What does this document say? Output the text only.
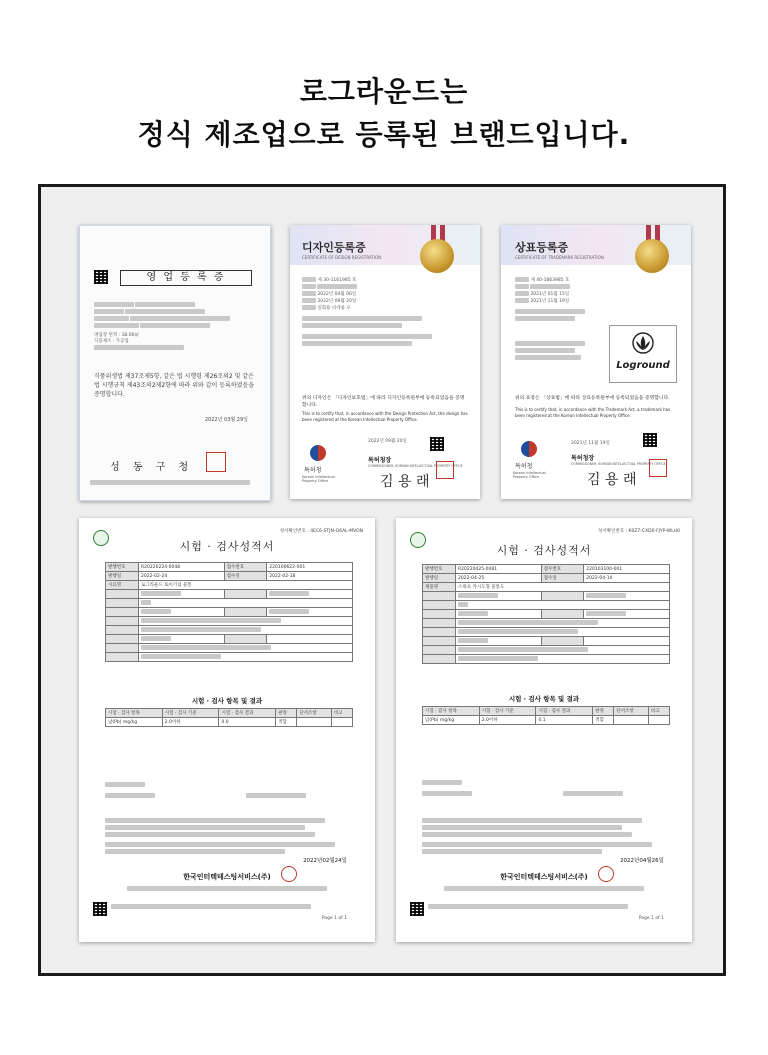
로그라운드는
정식 제조업으로 등록된 브랜드입니다.
영 업 등 록 증

영업장 면적 : 18.00㎡
식품제조 · 가공업
식품위생법 제37조제5항, 같은 법 시행령 제26조의2 및 같은 법 시행규칙 제43조의2제2항에 따라 위와 같이 등록하였음을 증명합니다.
2022년 03월 29일
성 동 구 청
디자인등록증
CERTIFICATE OF DESIGN REGISTRATION
제 30-1161985 호

2022년 04월 06일
2022년 09월 20일
일회용 비데용 포
위의 디자인은 「디자인보호법」에 따라 디자인등록원부에 등록되었음을 증명합니다.
This is to certify that, in accordance with the Design Protection Act, the design has been registered at the Korean Intellectual Property Office.
특허청
Korean Intellectual Property Office
2022년 09월 20일
특허청장
COMMISSIONER, KOREAN INTELLECTUAL PROPERTY OFFICE
김 용 래
상표등록증
CERTIFICATE OF TRADEMARK REGISTRATION
제 40-1863985 호

2021년 01월 15일
2021년 11월 19일
Loground
위의 표장은 「상표법」에 따라 상표등록원부에 등록되었음을 증명합니다.
This is to certify that, in accordance with the Trademark Act, a trademark has been registered at the Korean Intellectual Property Office.
특허청
Korean Intellectual Property Office
2021년 11월 19일
특허청장
COMMISSIONER, KOREAN INTELLECTUAL PROPERTY OFFICE
김 용 래
성서확인번호 : 4EC6-STJN-Q6AL-MVON
시험 · 검사성적서
발행번호	R20220224-0048	접수번호	220100622-001
발행일	2022-02-24	접수일	2022-02-18
시료명	로그라운드 토이기념 물통		

시험 · 검사 항목 및 결과
시험 · 검사 항목	시험 · 검사 기준	시험 · 검사 결과	판정	단서조항	비고
납(Pb) mg/kg	2.0이하	0.0	적합		

2022년02월24일
한국인터텍테스팅서비스(주)
Page 1 of 1
성서확인번호 : K0Z7-CXD0-FJYP-WLH0
시험 · 검사성적서
발행번호	R20220425-0081	접수번호	220103100-001
발행일	2022-04-25	접수일	2022-04-14
제품명	스위프 카시도형 물통도		

시험 · 검사 항목 및 결과
시험 · 검사 항목	시험 · 검사 기준	시험 · 검사 결과	판정	단서조항	비고
납(Pb) mg/kg	2.0이하	0.1	적합		

2022년04월26일
한국인터텍테스팅서비스(주)
Page 1 of 1
